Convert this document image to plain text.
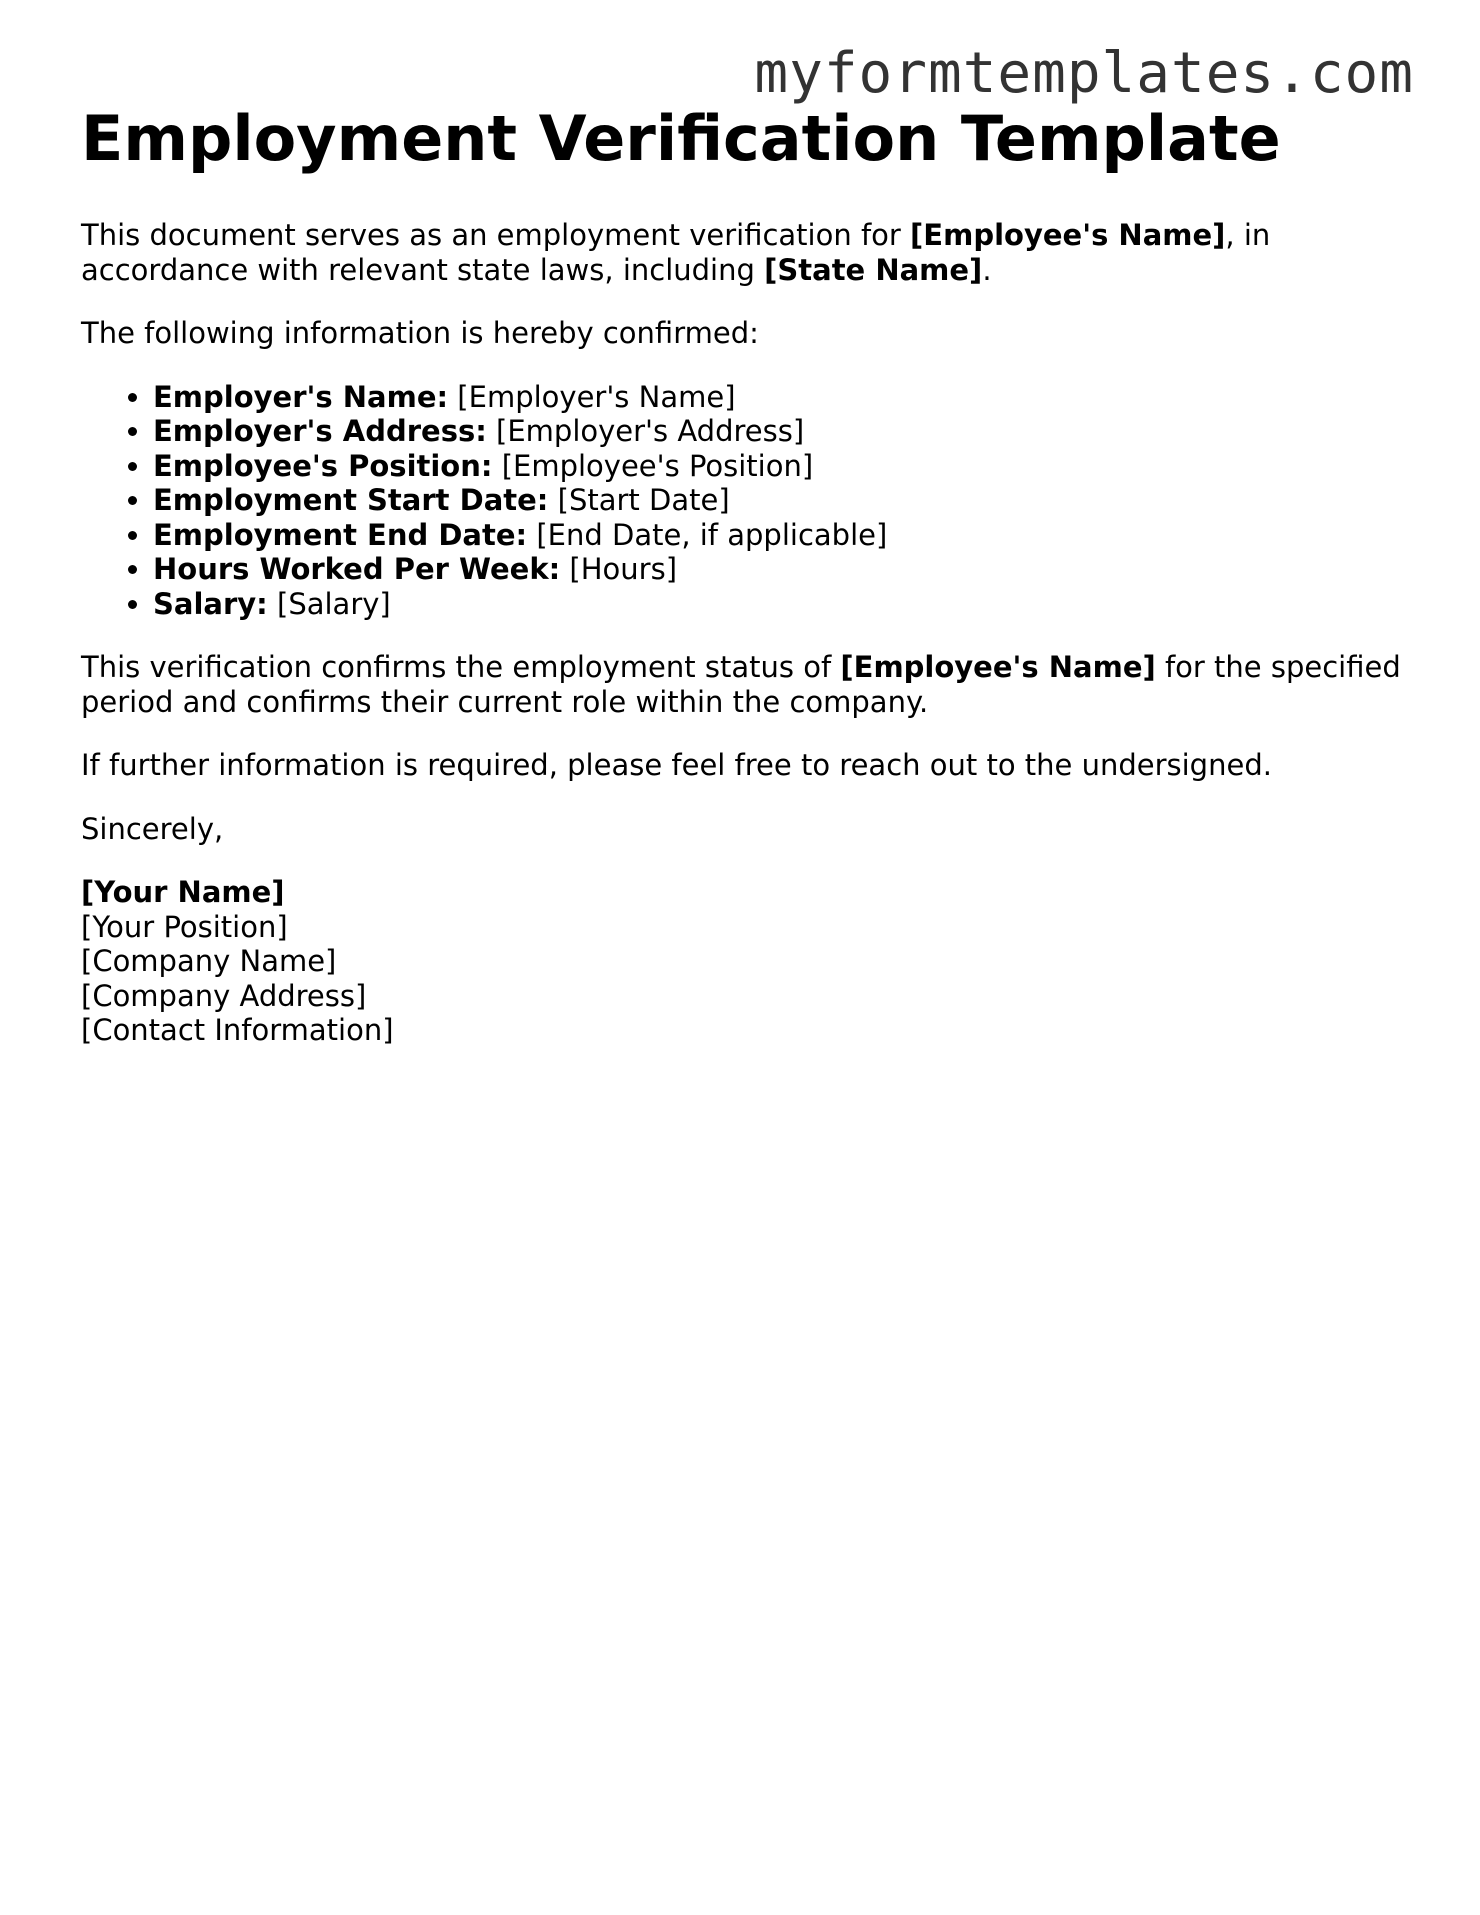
myformtemplates.com
Employment Verification Template

This document serves as an employment verification for [Employee's Name], in accordance with relevant state laws, including [State Name].

The following information is hereby confirmed:

• Employer's Name: [Employer's Name]
• Employer's Address: [Employer's Address]
• Employee's Position: [Employee's Position]
• Employment Start Date: [Start Date]
• Employment End Date: [End Date, if applicable]
• Hours Worked Per Week: [Hours]
• Salary: [Salary]

This verification confirms the employment status of [Employee's Name] for the specified period and confirms their current role within the company.

If further information is required, please feel free to reach out to the undersigned.

Sincerely,

[Your Name]
[Your Position]
[Company Name]
[Company Address]
[Contact Information]
